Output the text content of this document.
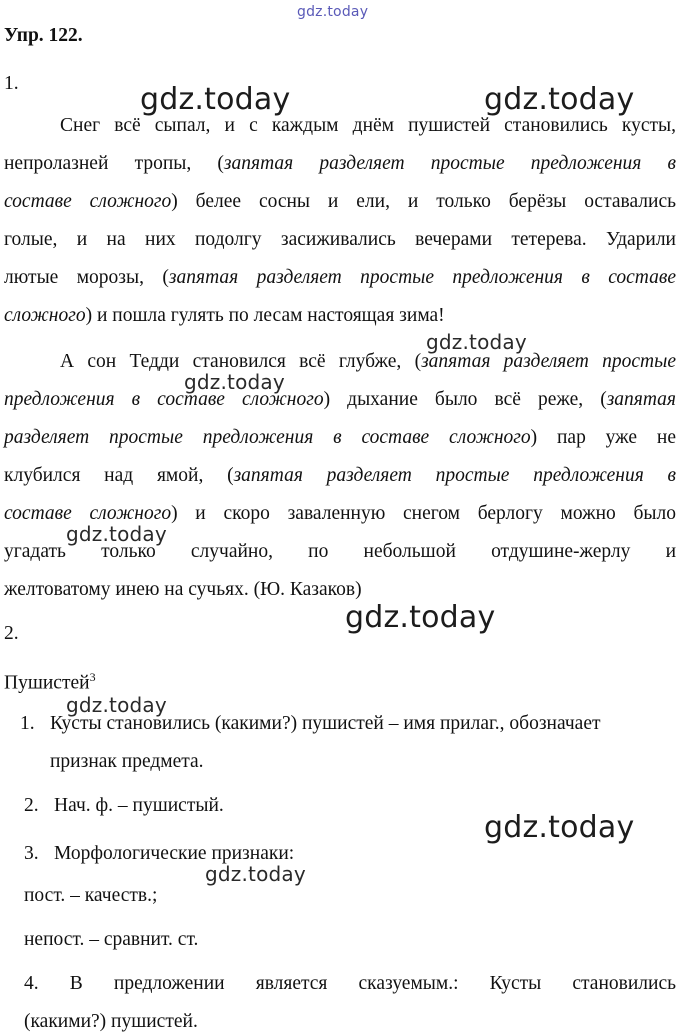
gdz.today
gdz.today	gdz.today
gdz.today
gdz.today
gdz.today
gdz.today
gdz.today
gdz.today
gdz.today
Упр. 122.
1.
Снег всё сыпал, и с каждым днём пушистей становились кусты,
непролазней тропы, (запятая разделяет простые предложения в
составе сложного) белее сосны и ели, и только берёзы оставались
голые, и на них подолгу засиживались вечерами тетерева. Ударили
лютые морозы, (запятая разделяет простые предложения в составе
сложного) и пошла гулять по лесам настоящая зима!
А сон Тедди становился всё глубже, (запятая разделяет простые
предложения в составе сложного) дыхание было всё реже, (запятая
разделяет простые предложения в составе сложного) пар уже не
клубился над ямой, (запятая разделяет простые предложения в
составе сложного) и скоро заваленную снегом берлогу можно было
угадать только случайно, по небольшой отдушине-жерлу и
желтоватому инею на сучьях. (Ю. Казаков)
2.
Пушистей$^3$
1. Кусты становились (какими?) пушистей – имя прилаг., обозначает
признак предмета.
2. Нач. ф. – пушистый.
3. Морфологические признаки:
пост. – качеств.;
непост. – сравнит. ст.
4. В предложении является сказуемым.: Кусты становились
(какими?) пушистей.
